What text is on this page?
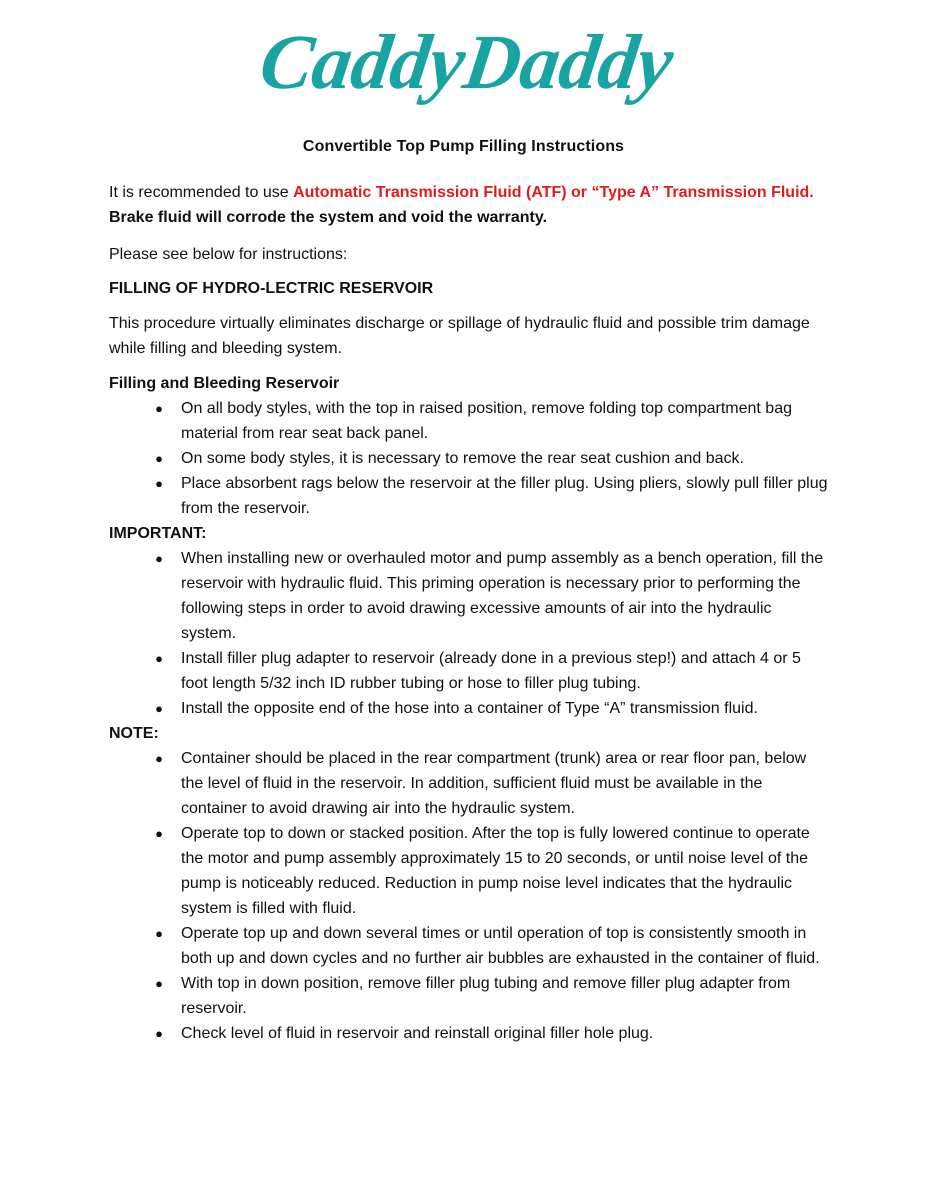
CaddyDaddy
Convertible Top Pump Filling Instructions

It is recommended to use Automatic Transmission Fluid (ATF) or “Type A” Transmission Fluid.
Brake fluid will corrode the system and void the warranty.

Please see below for instructions:

FILLING OF HYDRO-LECTRIC RESERVOIR

This procedure virtually eliminates discharge or spillage of hydraulic fluid and possible trim damage while filling and bleeding system.

Filling and Bleeding Reservoir

● On all body styles, with the top in raised position, remove folding top compartment bag material from rear seat back panel.
● On some body styles, it is necessary to remove the rear seat cushion and back.
● Place absorbent rags below the reservoir at the filler plug. Using pliers, slowly pull filler plug from the reservoir.

IMPORTANT:

● When installing new or overhauled motor and pump assembly as a bench operation, fill the reservoir with hydraulic fluid. This priming operation is necessary prior to performing the following steps in order to avoid drawing excessive amounts of air into the hydraulic system.
● Install filler plug adapter to reservoir (already done in a previous step!) and attach 4 or 5 foot length 5/32 inch ID rubber tubing or hose to filler plug tubing.
● Install the opposite end of the hose into a container of Type “A” transmission fluid.

NOTE:

● Container should be placed in the rear compartment (trunk) area or rear floor pan, below the level of fluid in the reservoir. In addition, sufficient fluid must be available in the container to avoid drawing air into the hydraulic system.
● Operate top to down or stacked position. After the top is fully lowered continue to operate the motor and pump assembly approximately 15 to 20 seconds, or until noise level of the pump is noticeably reduced. Reduction in pump noise level indicates that the hydraulic system is filled with fluid.
● Operate top up and down several times or until operation of top is consistently smooth in both up and down cycles and no further air bubbles are exhausted in the container of fluid.
● With top in down position, remove filler plug tubing and remove filler plug adapter from reservoir.
● Check level of fluid in reservoir and reinstall original filler hole plug.
